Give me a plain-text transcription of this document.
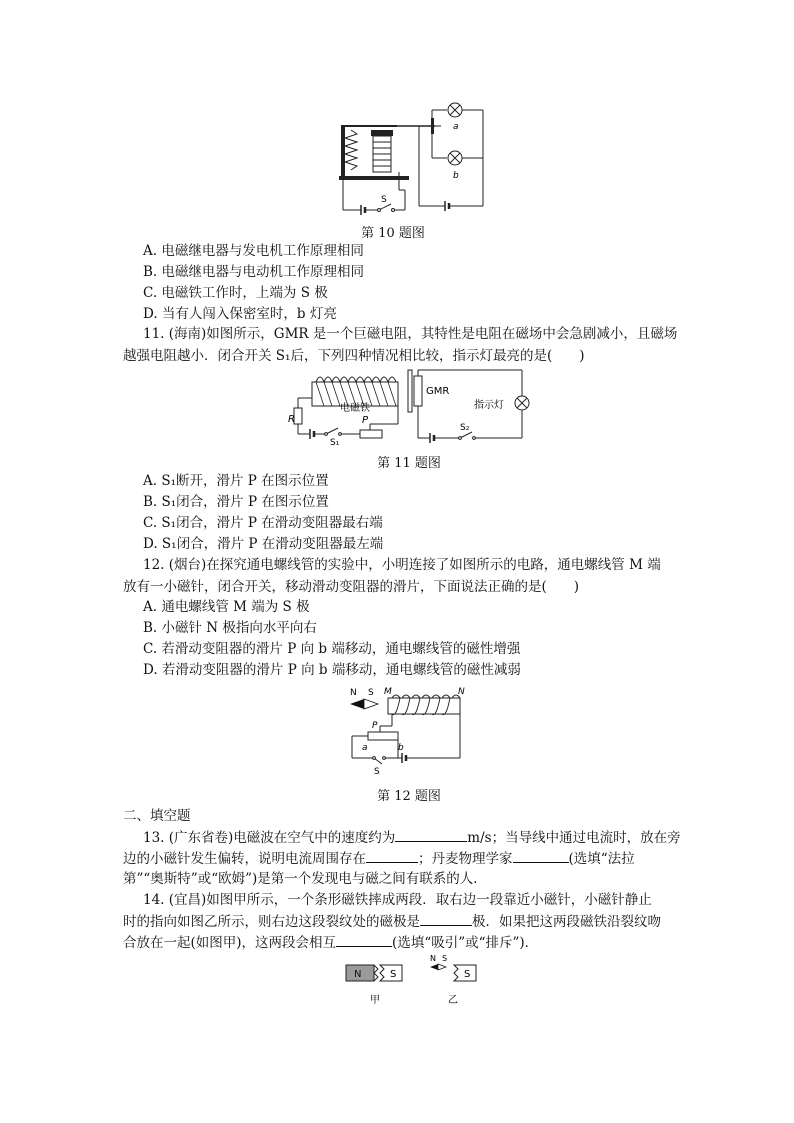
S
a
b
第 10 题图
A. 电磁继电器与发电机工作原理相同
B. 电磁继电器与电动机工作原理相同
C. 电磁铁工作时，上端为 S 极
D. 当有人闯入保密室时，b 灯亮
11. (海南)如图所示，GMR 是一个巨磁电阻，其特性是电阻在磁场中会急剧减小，且磁场
越强电阻越小．闭合开关 S₁后，下列四种情况相比较，指示灯最亮的是(　　)
电磁铁
R
S₁
P
GMR
指示灯
S₂
第 11 题图
A. S₁断开，滑片 P 在图示位置
B. S₁闭合，滑片 P 在图示位置
C. S₁闭合，滑片 P 在滑动变阻器最右端
D. S₁闭合，滑片 P 在滑动变阻器最左端
12. (烟台)在探究通电螺线管的实验中，小明连接了如图所示的电路，通电螺线管 M 端
放有一小磁针，闭合开关，移动滑动变阻器的滑片，下面说法正确的是(　　)
A. 通电螺线管 M 端为 S 极
B. 小磁针 N 极指向水平向右
C. 若滑动变阻器的滑片 P 向 b 端移动，通电螺线管的磁性增强
D. 若滑动变阻器的滑片 P 向 b 端移动，通电螺线管的磁性减弱
N S M	N
P
a	b
S
第 12 题图
二、填空题
13. (广东省卷)电磁波在空气中的速度约为	m/s；当导线中通过电流时，放在旁
边的小磁针发生偏转，说明电流周围存在	；丹麦物理学家	(选填“法拉
第”“奥斯特”或“欧姆”)是第一个发现电与磁之间有联系的人．
14. (宜昌)如图甲所示，一个条形磁铁摔成两段．取右边一段靠近小磁针，小磁针静止
时的指向如图乙所示，则右边这段裂纹处的磁极是	极．如果把这两段磁铁沿裂纹吻
合放在一起(如图甲)，这两段会相互	(选填“吸引”或“排斥”)．
N	S
甲
N S
S
乙
